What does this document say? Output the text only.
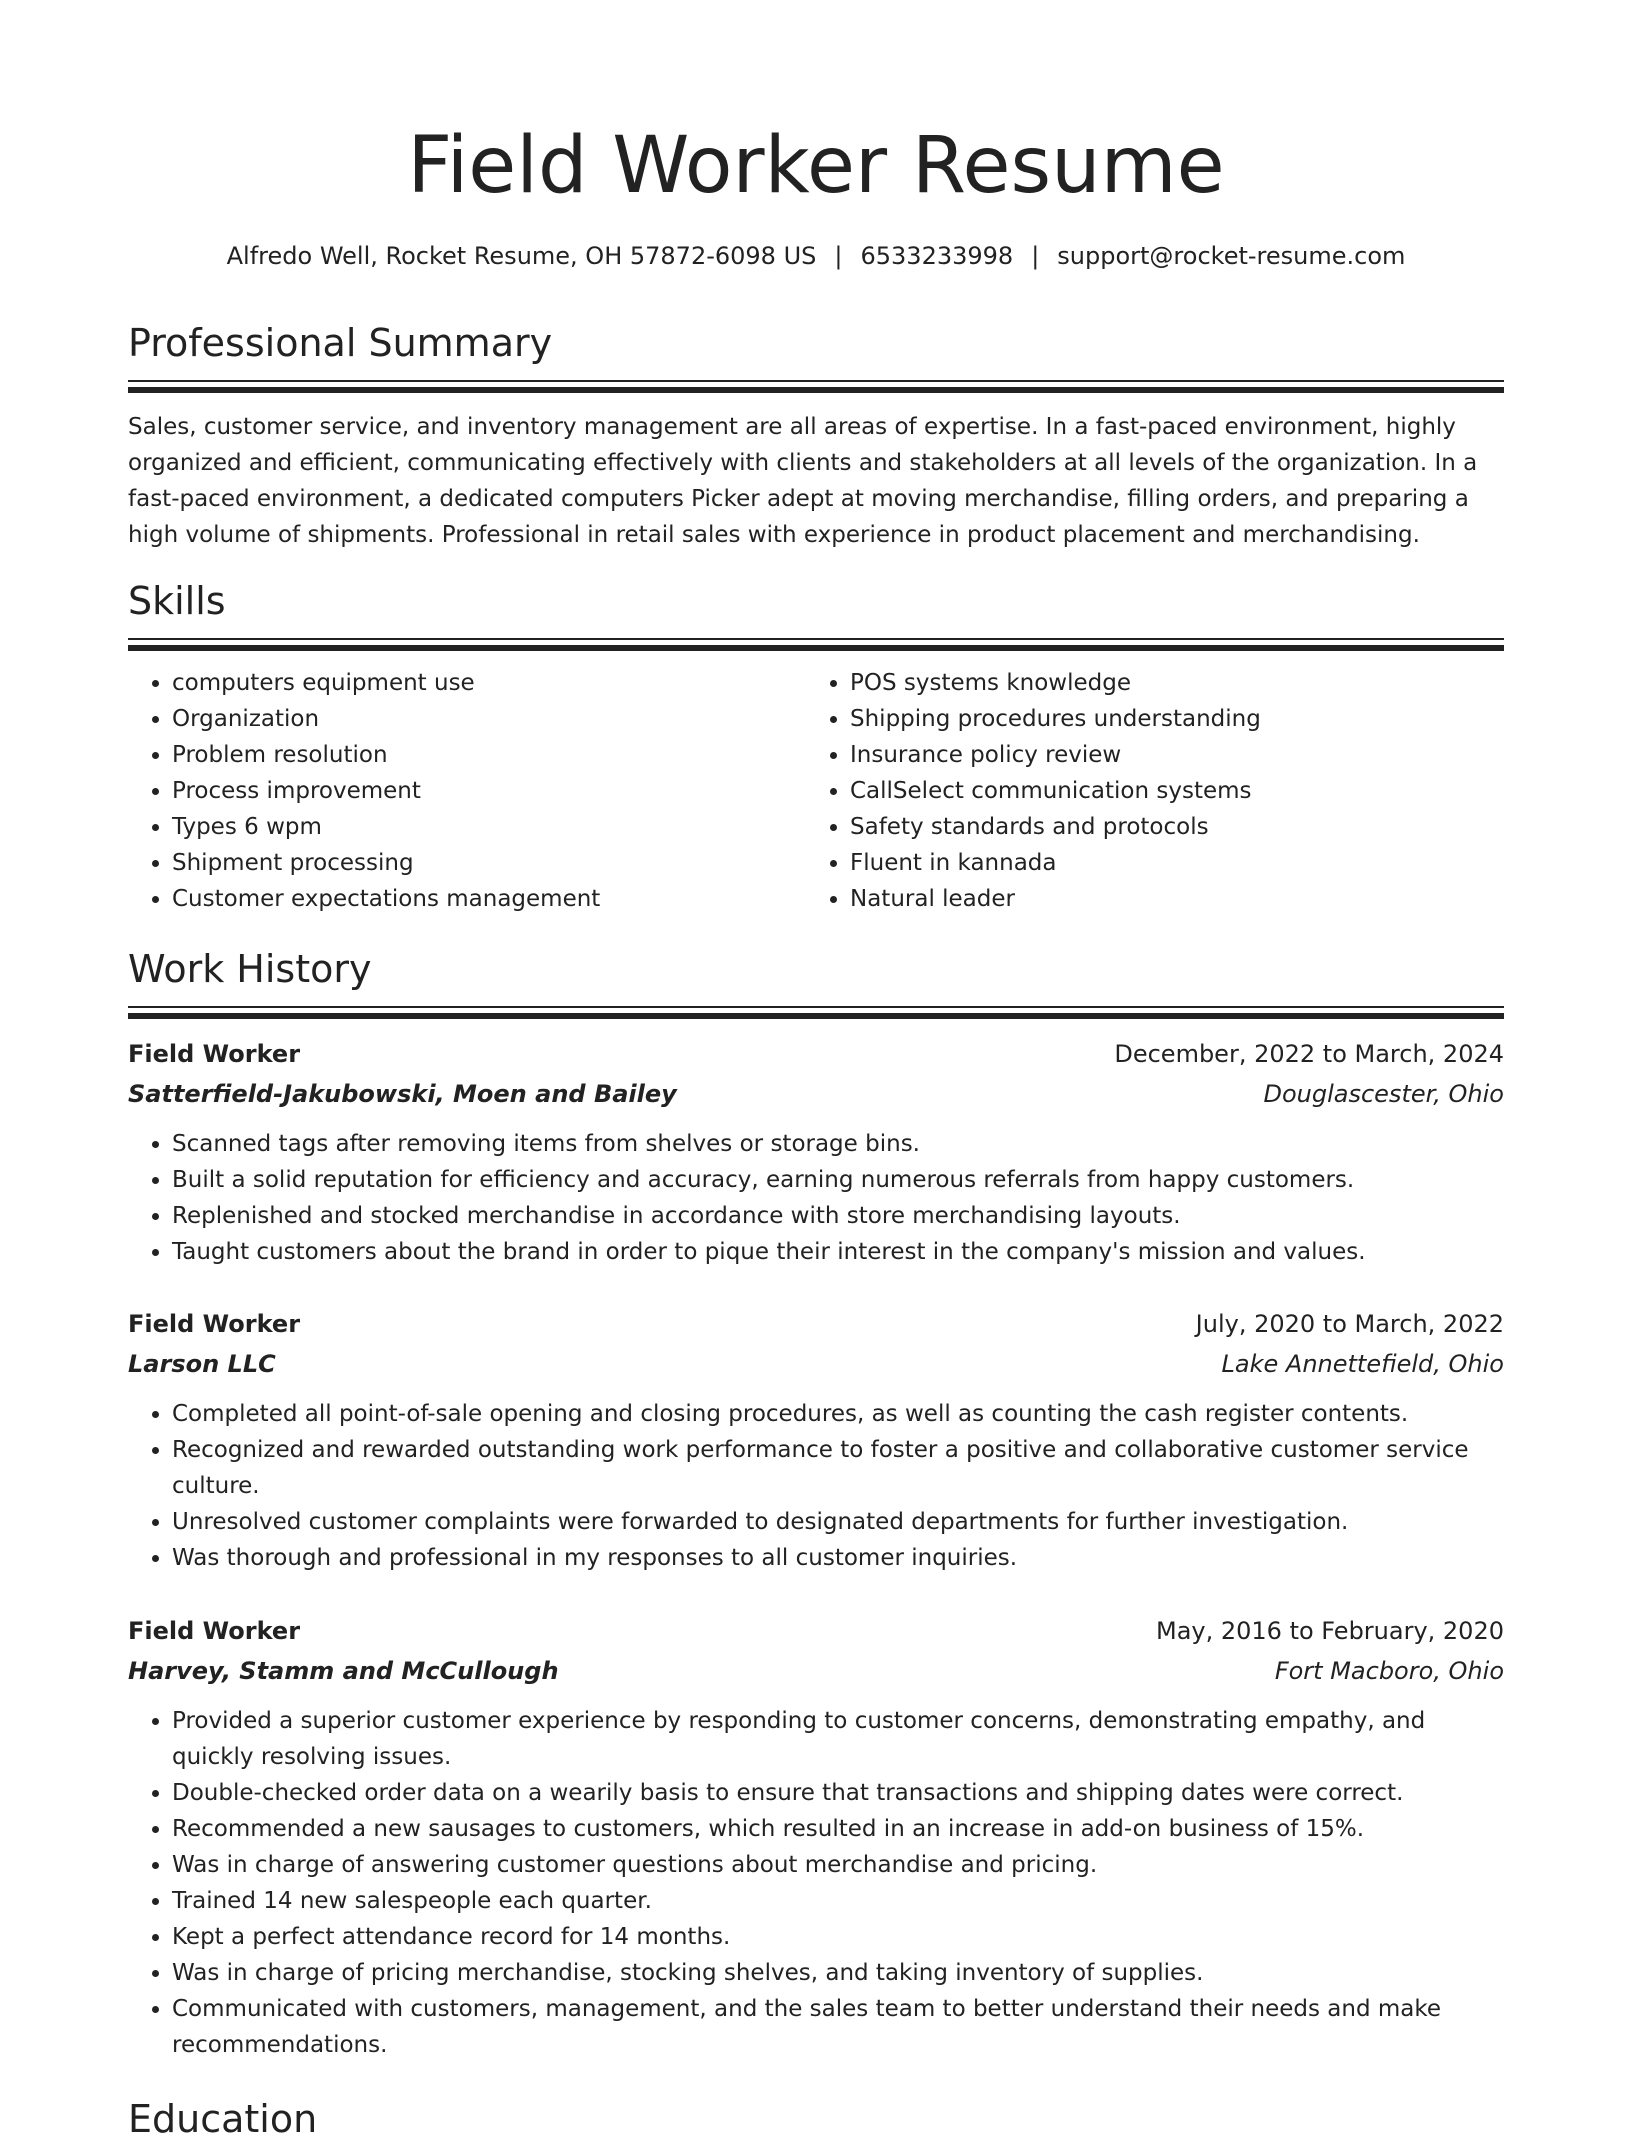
Field Worker Resume
Alfredo Well, Rocket Resume, OH 57872-6098 US | 6533233998 | support@rocket-resume.com
Professional Summary

Sales, customer service, and inventory management are all areas of expertise. In a fast-paced environment, highly organized and efficient, communicating effectively with clients and stakeholders at all levels of the organization. In a fast-paced environment, a dedicated computers Picker adept at moving merchandise, filling orders, and preparing a high volume of shipments. Professional in retail sales with experience in product placement and merchandising.

Skills
• computers equipment use
• Organization
• Problem resolution
• Process improvement
• Types 6 wpm
• Shipment processing
• Customer expectations management
• POS systems knowledge
• Shipping procedures understanding
• Insurance policy review
• CallSelect communication systems
• Safety standards and protocols
• Fluent in kannada
• Natural leader
Work History
Field Worker	December, 2022 to March, 2024
Satterfield-Jakubowski, Moen and Bailey	Douglascester, Ohio
• Scanned tags after removing items from shelves or storage bins.
• Built a solid reputation for efficiency and accuracy, earning numerous referrals from happy customers.
• Replenished and stocked merchandise in accordance with store merchandising layouts.
• Taught customers about the brand in order to pique their interest in the company's mission and values.
Field Worker	July, 2020 to March, 2022
Larson LLC	Lake Annettefield, Ohio
• Completed all point-of-sale opening and closing procedures, as well as counting the cash register contents.
• Recognized and rewarded outstanding work performance to foster a positive and collaborative customer service culture.
• Unresolved customer complaints were forwarded to designated departments for further investigation.
• Was thorough and professional in my responses to all customer inquiries.
Field Worker	May, 2016 to February, 2020
Harvey, Stamm and McCullough	Fort Macboro, Ohio
• Provided a superior customer experience by responding to customer concerns, demonstrating empathy, and quickly resolving issues.
• Double-checked order data on a wearily basis to ensure that transactions and shipping dates were correct.
• Recommended a new sausages to customers, which resulted in an increase in add-on business of 15%.
• Was in charge of answering customer questions about merchandise and pricing.
• Trained 14 new salespeople each quarter.
• Kept a perfect attendance record for 14 months.
• Was in charge of pricing merchandise, stocking shelves, and taking inventory of supplies.
• Communicated with customers, management, and the sales team to better understand their needs and make recommendations.
Education
